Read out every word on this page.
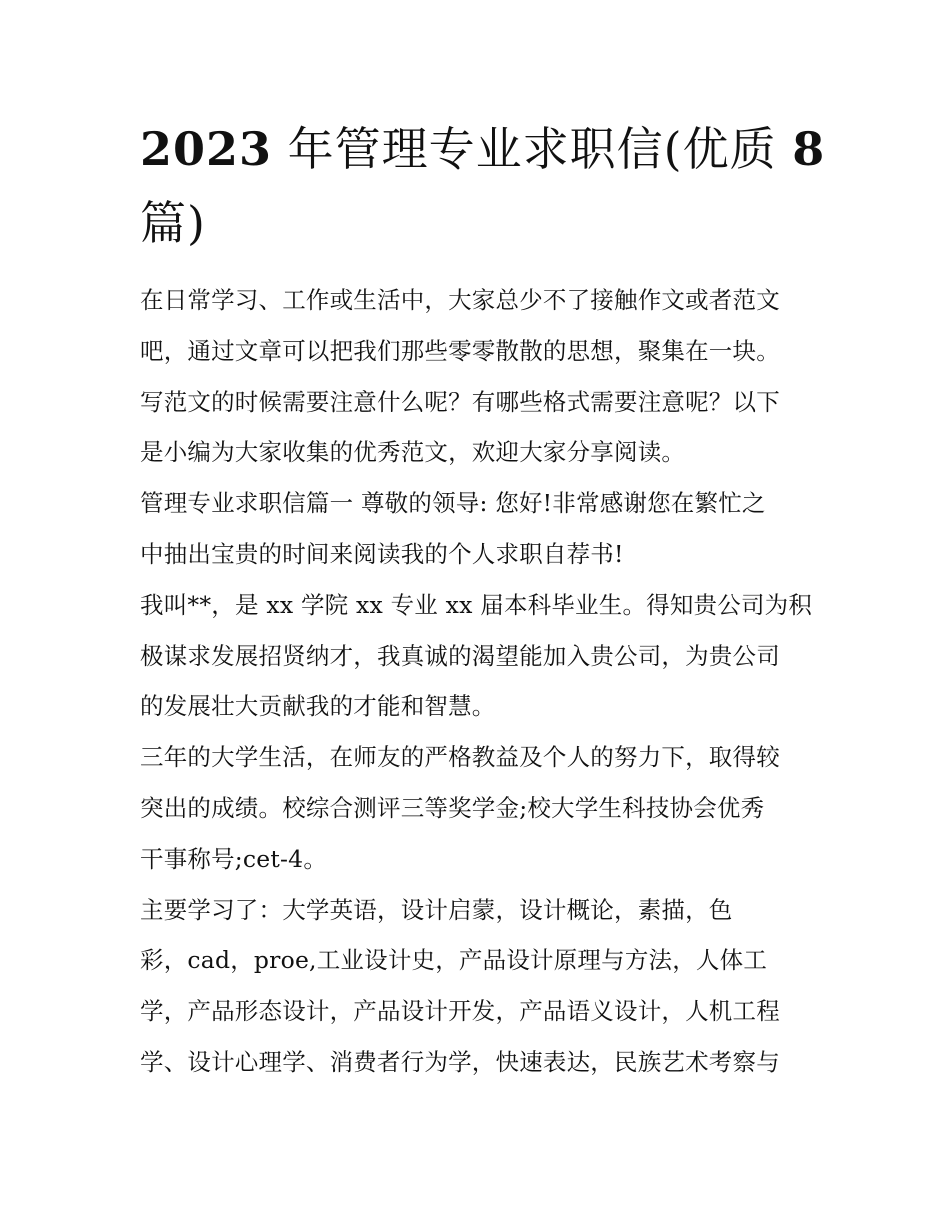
2023 年管理专业求职信(优质 8
篇)

在日常学习、工作或生活中，大家总少不了接触作文或者范文

吧，通过文章可以把我们那些零零散散的思想，聚集在一块。

写范文的时候需要注意什么呢？有哪些格式需要注意呢？以下

是小编为大家收集的优秀范文，欢迎大家分享阅读。

管理专业求职信篇一 尊敬的领导: 您好!非常感谢您在繁忙之

中抽出宝贵的时间来阅读我的个人求职自荐书!

我叫**，是 xx 学院 xx 专业 xx 届本科毕业生。得知贵公司为积

极谋求发展招贤纳才，我真诚的渴望能加入贵公司，为贵公司

的发展壮大贡献我的才能和智慧。

三年的大学生活，在师友的严格教益及个人的努力下，取得较

突出的成绩。校综合测评三等奖学金;校大学生科技协会优秀

干事称号;cet-4。

主要学习了：大学英语，设计启蒙，设计概论，素描，色

彩，cad，proe,工业设计史，产品设计原理与方法，人体工

学，产品形态设计，产品设计开发，产品语义设计，人机工程

学、设计心理学、消费者行为学，快速表达，民族艺术考察与
